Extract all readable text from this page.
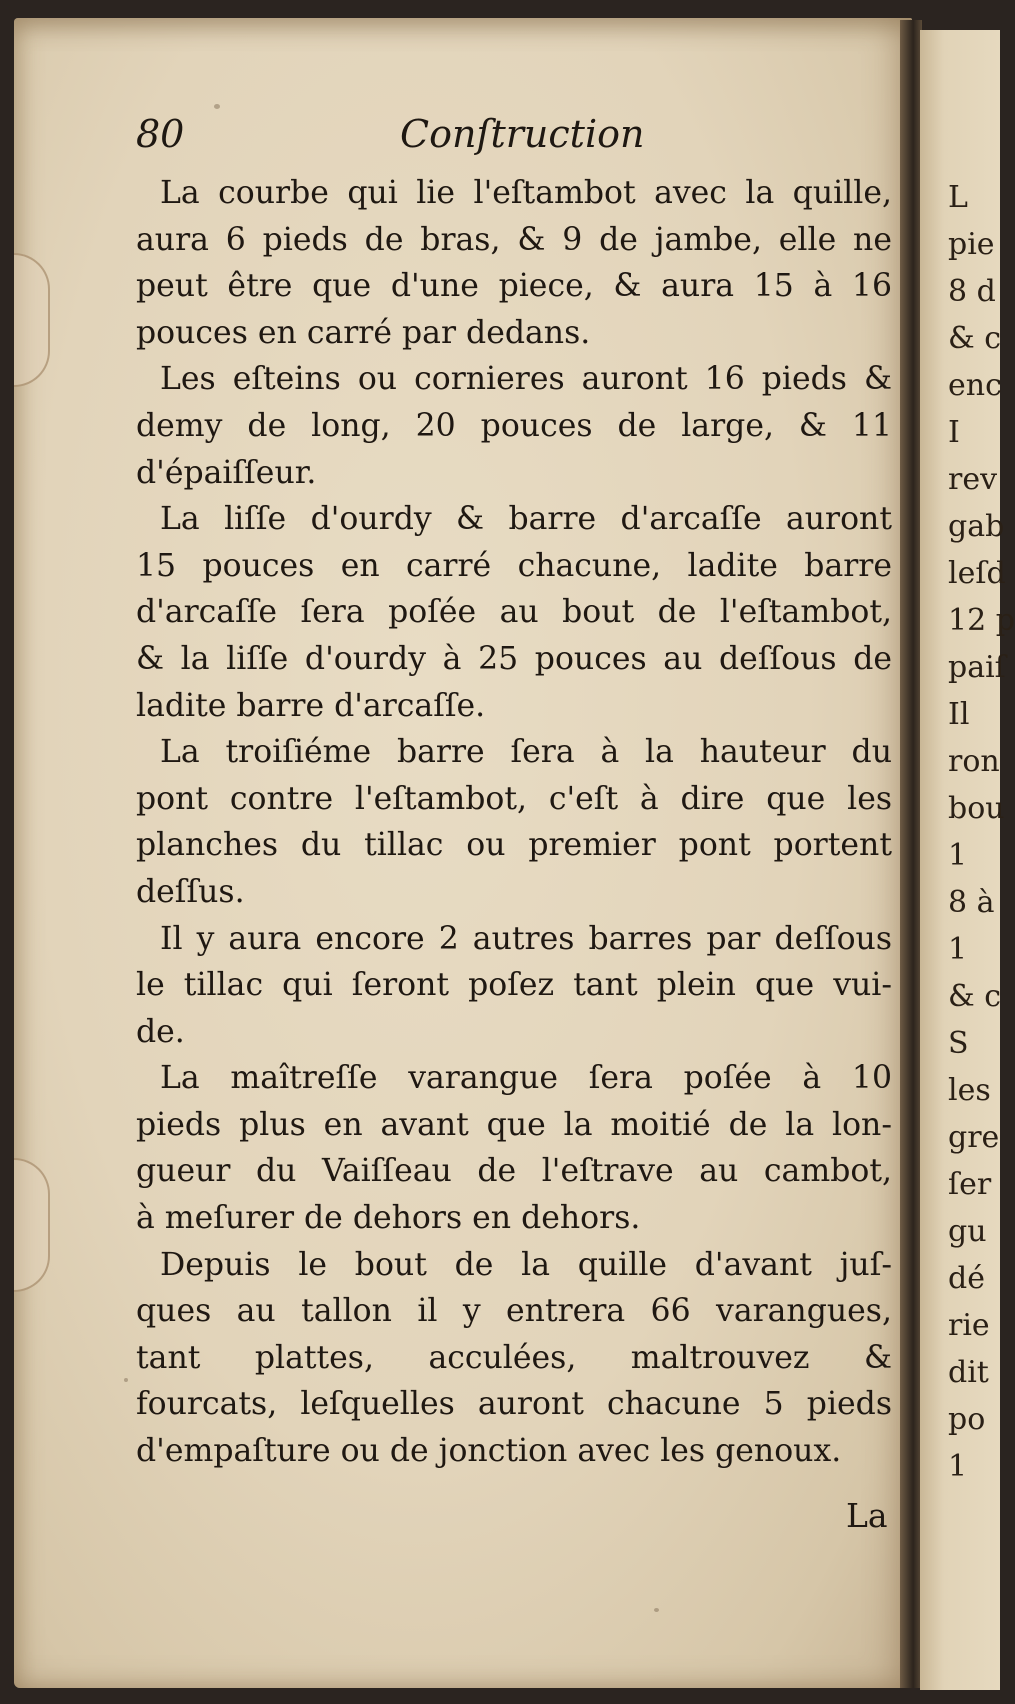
L
pie
8 d
& c
enc
I
rev
gab
leſd
12 p
paiſ
Il
ron
bou
1
8 à
1
& c
S
les
gre
ſer
gu
dé
rie
dit
po
1
80	Conſtruction

La courbe qui lie l'eſtambot avec la quille,
aura 6 pieds de bras, & 9 de jambe, elle ne
peut être que d'une piece, & aura 15 à 16
pouces en carré par dedans.

Les eſteins ou cornieres auront 16 pieds &
demy de long, 20 pouces de large, & 11
d'épaiſſeur.

La liſſe d'ourdy & barre d'arcaſſe auront
15 pouces en carré chacune, ladite barre
d'arcaſſe ſera poſée au bout de l'eſtambot,
& la liſſe d'ourdy à 25 pouces au deſſous de
ladite barre d'arcaſſe.

La troiſiéme barre ſera à la hauteur du
pont contre l'eſtambot, c'eſt à dire que les
planches du tillac ou premier pont portent
deſſus.

Il y aura encore 2 autres barres par deſſous
le tillac qui ſeront poſez tant plein que vui-
de.

La maîtreſſe varangue ſera poſée à 10
pieds plus en avant que la moitié de la lon-
gueur du Vaiſſeau de l'eſtrave au cambot,
à meſurer de dehors en dehors.

Depuis le bout de la quille d'avant juſ-
ques au tallon il y entrera 66 varangues,
tant plattes, acculées, maltrouvez &
fourcats, leſquelles auront chacune 5 pieds
d'empaſture ou de jonction avec les genoux.

La
